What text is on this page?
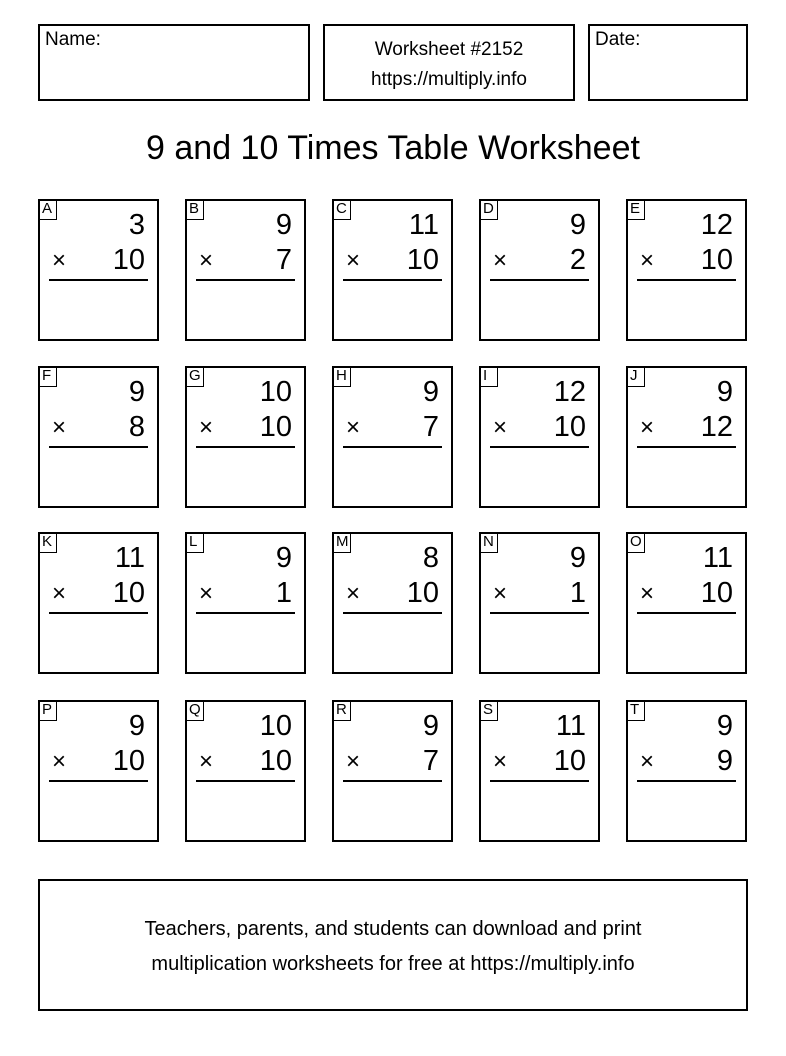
Name:	Worksheet #2152
https://multiply.info
Date:
9 and 10 Times Table Worksheet
A
3
× 10
B
9
× 7
C
11
× 10
D
9
× 2
E
12
× 10
F
9
× 8
G
10
× 10
H
9
× 7
I
12
× 10
J
9
× 12
K
11
× 10
L
9
× 1
M
8
× 10
N
9
× 1
O
11
× 10
P
9
× 10
Q
10
× 10
R
9
× 7
S
11
× 10
T
9
× 9
Teachers, parents, and students can download and print
multiplication worksheets for free at https://multiply.info
